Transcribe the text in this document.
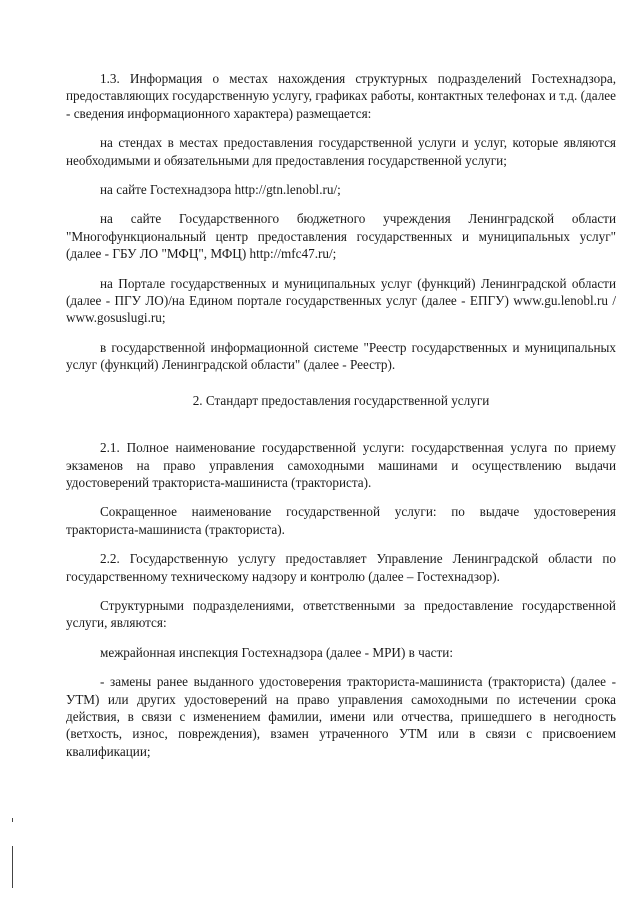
1.3. Информация о местах нахождения структурных подразделений Гостехнадзора, предоставляющих государственную услугу, графиках работы, контактных телефонах и т.д. (далее - сведения информационного характера) размещается:

на стендах в местах предоставления государственной услуги и услуг, которые являются необходимыми и обязательными для предоставления государственной услуги;

на сайте Гостехнадзора http://gtn.lenobl.ru/;

на сайте Государственного бюджетного учреждения Ленинградской области "Многофункциональный центр предоставления государственных и муниципальных услуг" (далее - ГБУ ЛО "МФЦ", МФЦ) http://mfc47.ru/;

на Портале государственных и муниципальных услуг (функций) Ленинградской области (далее - ПГУ ЛО)/на Едином портале государственных услуг (далее - ЕПГУ) www.gu.lenobl.ru / www.gosuslugi.ru;

в государственной информационной системе "Реестр государственных и муниципальных услуг (функций) Ленинградской области" (далее - Реестр).

2. Стандарт предоставления государственной услуги

2.1. Полное наименование государственной услуги: государственная услуга по приему экзаменов на право управления самоходными машинами и осуществлению выдачи удостоверений тракториста-машиниста (тракториста).

Сокращенное наименование государственной услуги: по выдаче удостоверения тракториста-машиниста (тракториста).

2.2. Государственную услугу предоставляет Управление Ленинградской области по государственному техническому надзору и контролю (далее – Гостехнадзор).

Структурными подразделениями, ответственными за предоставление государственной услуги, являются:

межрайонная инспекция Гостехнадзора (далее - МРИ) в части:

- замены ранее выданного удостоверения тракториста-машиниста (тракториста) (далее - УТМ) или других удостоверений на право управления самоходными по истечении срока действия, в связи с изменением фамилии, имени или отчества, пришедшего в негодность (ветхость, износ, повреждения), взамен утраченного УТМ или в связи с присвоением квалификации;
